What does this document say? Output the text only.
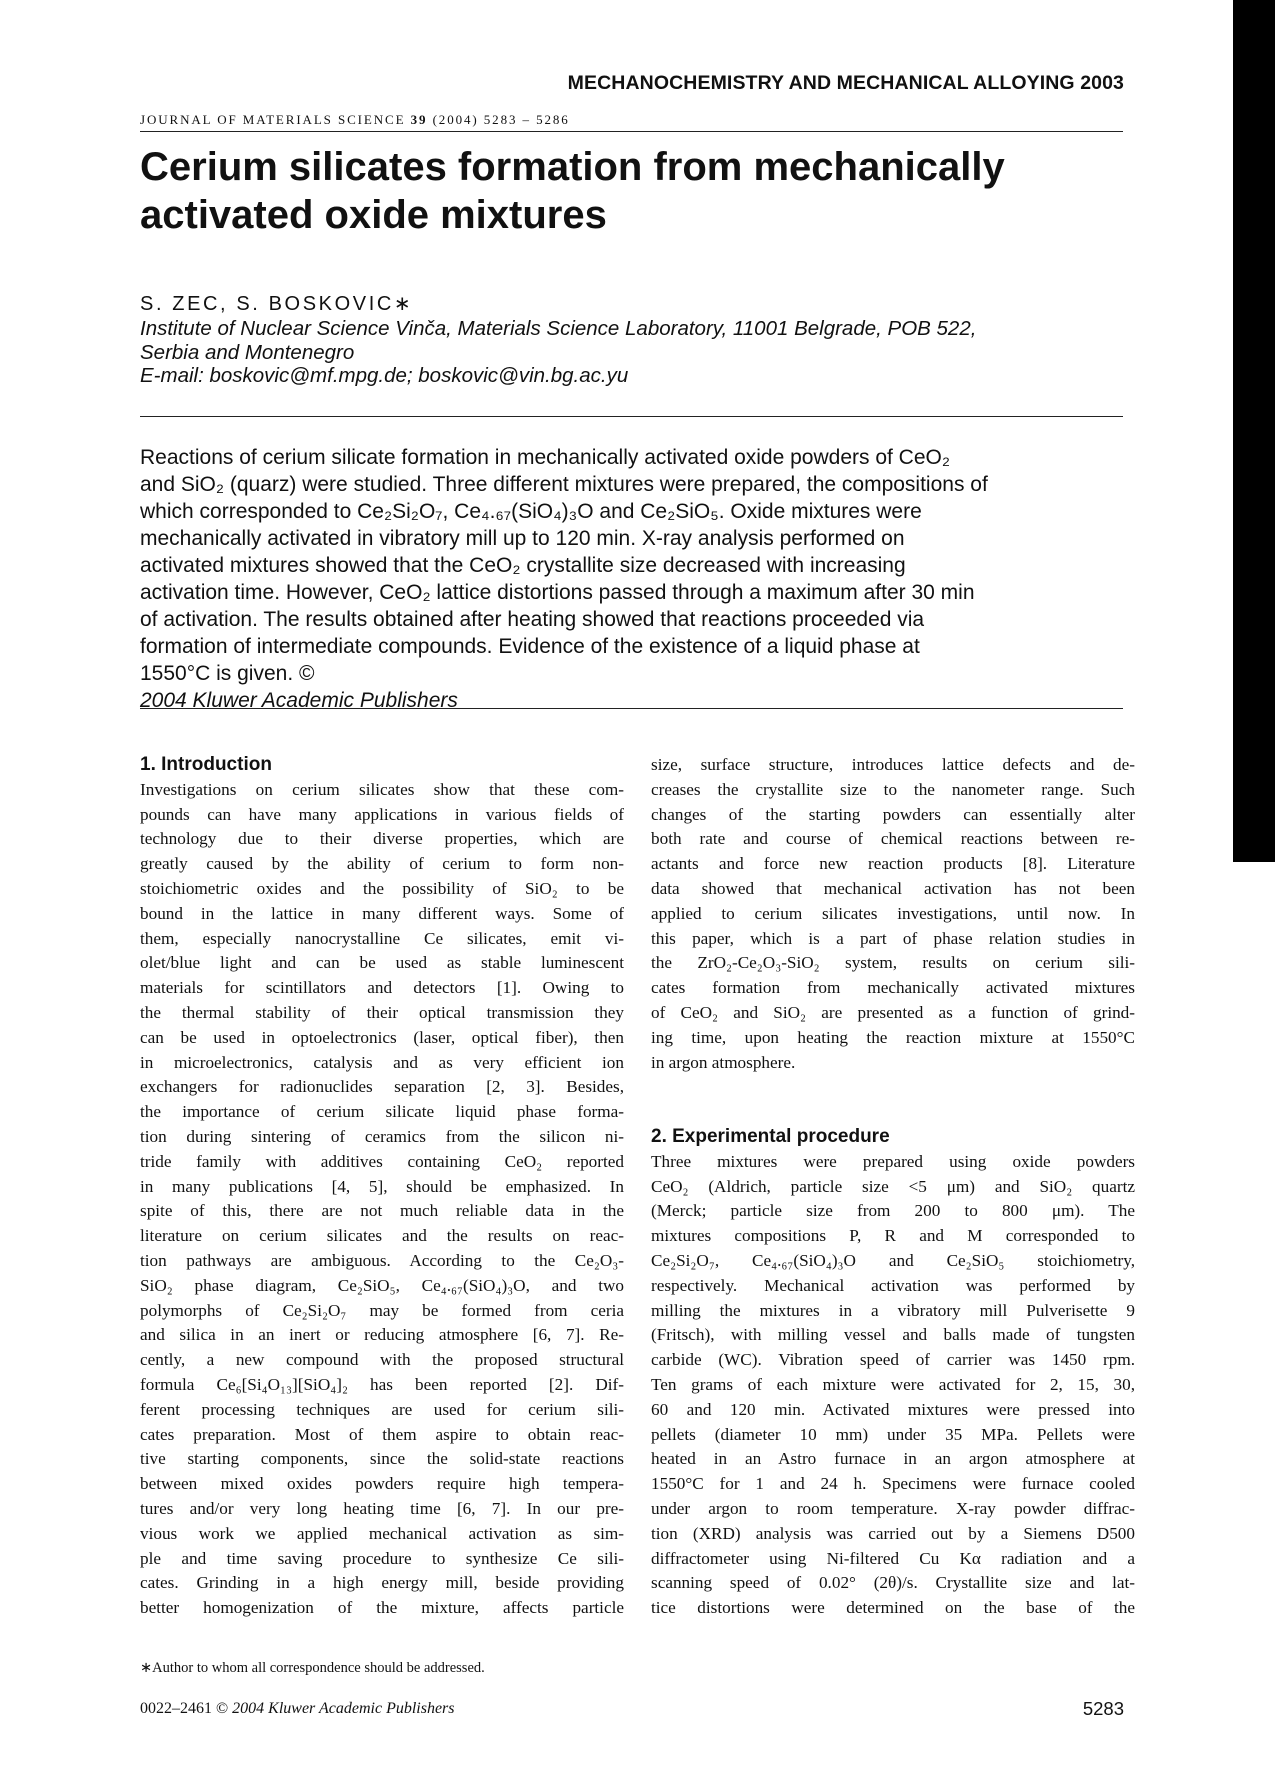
MECHANOCHEMISTRY AND MECHANICAL ALLOYING 2003
JOURNAL OF MATERIALS SCIENCE 39 (2004) 5283 – 5286
Cerium silicates formation from mechanically activated oxide mixtures
S. ZEC, S. BOSKOVIC∗
Institute of Nuclear Science Vinča, Materials Science Laboratory, 11001 Belgrade, POB 522,
Serbia and Montenegro
E-mail: boskovic@mf.mpg.de; boskovic@vin.bg.ac.yu
Reactions of cerium silicate formation in mechanically activated oxide powders of CeO₂
and SiO₂ (quarz) were studied. Three different mixtures were prepared, the compositions of
which corresponded to Ce₂Si₂O₇, Ce₄.₆₇(SiO₄)₃O and Ce₂SiO₅. Oxide mixtures were
mechanically activated in vibratory mill up to 120 min. X-ray analysis performed on
activated mixtures showed that the CeO₂ crystallite size decreased with increasing
activation time. However, CeO₂ lattice distortions passed through a maximum after 30 min
of activation. The results obtained after heating showed that reactions proceeded via
formation of intermediate compounds. Evidence of the existence of a liquid phase at
1550°C is given. ©
2004 Kluwer Academic Publishers
1. Introduction
Investigations on cerium silicates show that these com-
pounds can have many applications in various fields of
technology due to their diverse properties, which are
greatly caused by the ability of cerium to form non-
stoichiometric oxides and the possibility of SiO₂ to be
bound in the lattice in many different ways. Some of
them, especially nanocrystalline Ce silicates, emit vi-
olet/blue light and can be used as stable luminescent
materials for scintillators and detectors [1]. Owing to
the thermal stability of their optical transmission they
can be used in optoelectronics (laser, optical fiber), then
in microelectronics, catalysis and as very efficient ion
exchangers for radionuclides separation [2, 3]. Besides,
the importance of cerium silicate liquid phase forma-
tion during sintering of ceramics from the silicon ni-
tride family with additives containing CeO₂ reported
in many publications [4, 5], should be emphasized. In
spite of this, there are not much reliable data in the
literature on cerium silicates and the results on reac-
tion pathways are ambiguous. According to the Ce₂O₃-
SiO₂ phase diagram, Ce₂SiO₅, Ce₄.₆₇(SiO₄)₃O, and two
polymorphs of Ce₂Si₂O₇ may be formed from ceria
and silica in an inert or reducing atmosphere [6, 7]. Re-
cently, a new compound with the proposed structural
formula Ce₆[Si₄O₁₃][SiO₄]₂ has been reported [2]. Dif-
ferent processing techniques are used for cerium sili-
cates preparation. Most of them aspire to obtain reac-
tive starting components, since the solid-state reactions
between mixed oxides powders require high tempera-
tures and/or very long heating time [6, 7]. In our pre-
vious work we applied mechanical activation as sim-
ple and time saving procedure to synthesize Ce sili-
cates. Grinding in a high energy mill, beside providing
better homogenization of the mixture, affects particle
size, surface structure, introduces lattice defects and de-
creases the crystallite size to the nanometer range. Such
changes of the starting powders can essentially alter
both rate and course of chemical reactions between re-
actants and force new reaction products [8]. Literature
data showed that mechanical activation has not been
applied to cerium silicates investigations, until now. In
this paper, which is a part of phase relation studies in
the ZrO₂-Ce₂O₃-SiO₂ system, results on cerium sili-
cates formation from mechanically activated mixtures
of CeO₂ and SiO₂ are presented as a function of grind-
ing time, upon heating the reaction mixture at 1550°C
in argon atmosphere.
2. Experimental procedure
Three mixtures were prepared using oxide powders
CeO₂ (Aldrich, particle size <5 μm) and SiO₂ quartz
(Merck; particle size from 200 to 800 μm). The
mixtures compositions P, R and M corresponded to
Ce₂Si₂O₇, Ce₄.₆₇(SiO₄)₃O and Ce₂SiO₅ stoichiometry,
respectively. Mechanical activation was performed by
milling the mixtures in a vibratory mill Pulverisette 9
(Fritsch), with milling vessel and balls made of tungsten
carbide (WC). Vibration speed of carrier was 1450 rpm.
Ten grams of each mixture were activated for 2, 15, 30,
60 and 120 min. Activated mixtures were pressed into
pellets (diameter 10 mm) under 35 MPa. Pellets were
heated in an Astro furnace in an argon atmosphere at
1550°C for 1 and 24 h. Specimens were furnace cooled
under argon to room temperature. X-ray powder diffrac-
tion (XRD) analysis was carried out by a Siemens D500
diffractometer using Ni-filtered Cu Kα radiation and a
scanning speed of 0.02° (2θ)/s. Crystallite size and lat-
tice distortions were determined on the base of the
∗Author to whom all correspondence should be addressed.
0022–2461 © 2004 Kluwer Academic Publishers	5283
